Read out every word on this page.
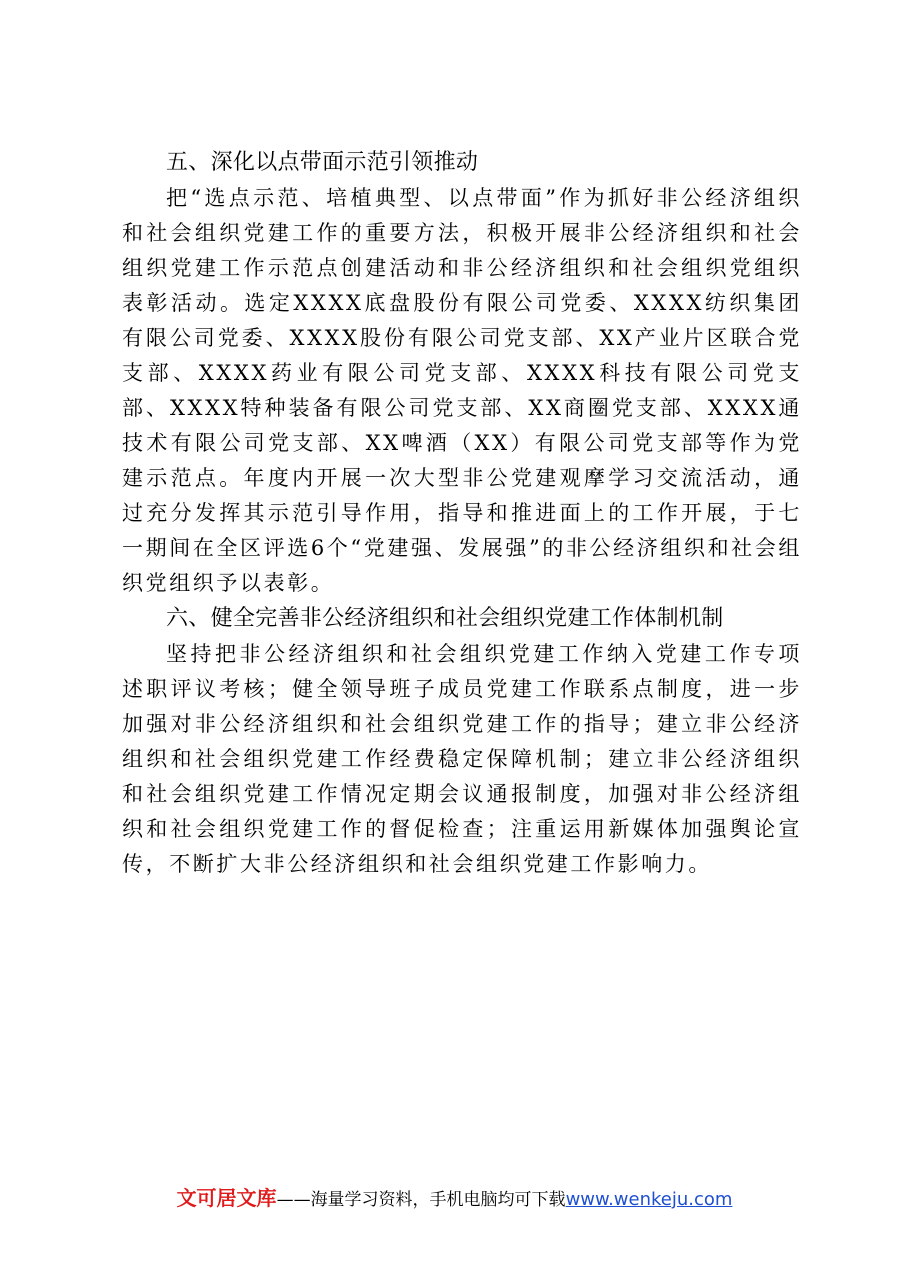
五、深化以点带面示范引领推动

把“选点示范、培植典型、以点带面”作为抓好非公经济组织和社会组织党建工作的重要方法，积极开展非公经济组织和社会组织党建工作示范点创建活动和非公经济组织和社会组织党组织表彰活动。选定XXXX底盘股份有限公司党委、XXXX纺织集团有限公司党委、XXXX股份有限公司党支部、XX产业片区联合党支部、XXXX药业有限公司党支部、XXXX科技有限公司党支部、XXXX特种装备有限公司党支部、XX商圈党支部、XXXX通技术有限公司党支部、XX啤酒（XX）有限公司党支部等作为党建示范点。年度内开展一次大型非公党建观摩学习交流活动，通过充分发挥其示范引导作用，指导和推进面上的工作开展，于七一期间在全区评选6个“党建强、发展强”的非公经济组织和社会组织党组织予以表彰。

六、健全完善非公经济组织和社会组织党建工作体制机制

坚持把非公经济组织和社会组织党建工作纳入党建工作专项述职评议考核；健全领导班子成员党建工作联系点制度，进一步加强对非公经济组织和社会组织党建工作的指导；建立非公经济组织和社会组织党建工作经费稳定保障机制；建立非公经济组织和社会组织党建工作情况定期会议通报制度，加强对非公经济组织和社会组织党建工作的督促检查；注重运用新媒体加强舆论宣传，不断扩大非公经济组织和社会组织党建工作影响力。

文可居文库——海量学习资料，手机电脑均可下载www.wenkeju.com
